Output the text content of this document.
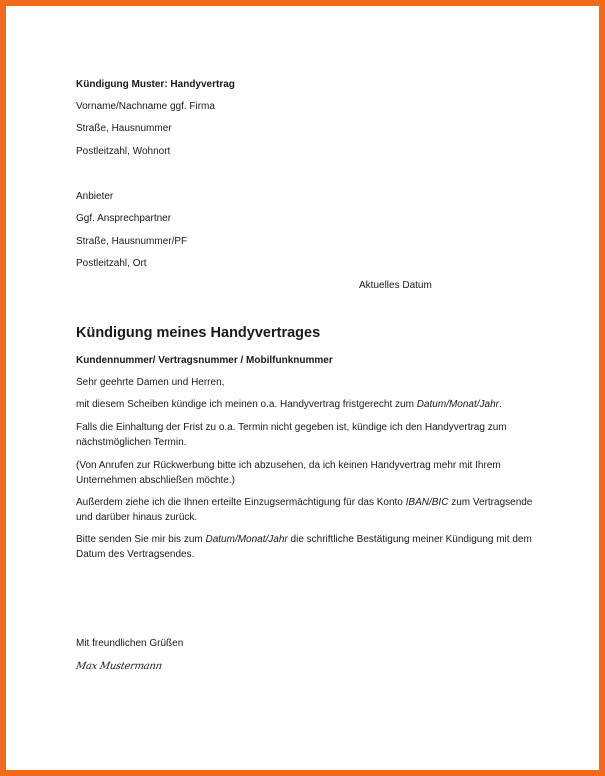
Kündigung Muster: Handyvertrag
Vorname/Nachname ggf. Firma
Straße, Hausnummer
Postleitzahl, Wohnort
Anbieter
Ggf. Ansprechpartner
Straße, Hausnummer/PF
Postleitzahl, Ort
Aktuelles Datum
Kündigung meines Handyvertrages
Kundennummer/ Vertragsnummer / Mobilfunknummer
Sehr geehrte Damen und Herren,
mit diesem Scheiben kündige ich meinen o.a. Handyvertrag fristgerecht zum Datum/Monat/Jahr.
Falls die Einhaltung der Frist zu o.a. Termin nicht gegeben ist, kündige ich den Handyvertrag zum nächstmöglichen Termin.
(Von Anrufen zur Rückwerbung bitte ich abzusehen, da ich keinen Handyvertrag mehr mit Ihrem Unternehmen abschließen möchte.)
Außerdem ziehe ich die Ihnen erteilte Einzugsermächtigung für das Konto IBAN/BIC zum Vertragsende und darüber hinaus zurück.
Bitte senden Sie mir bis zum Datum/Monat/Jahr die schriftliche Bestätigung meiner Kündigung mit dem Datum des Vertragsendes.
Mit freundlichen Grüßen
Max Mustermann
